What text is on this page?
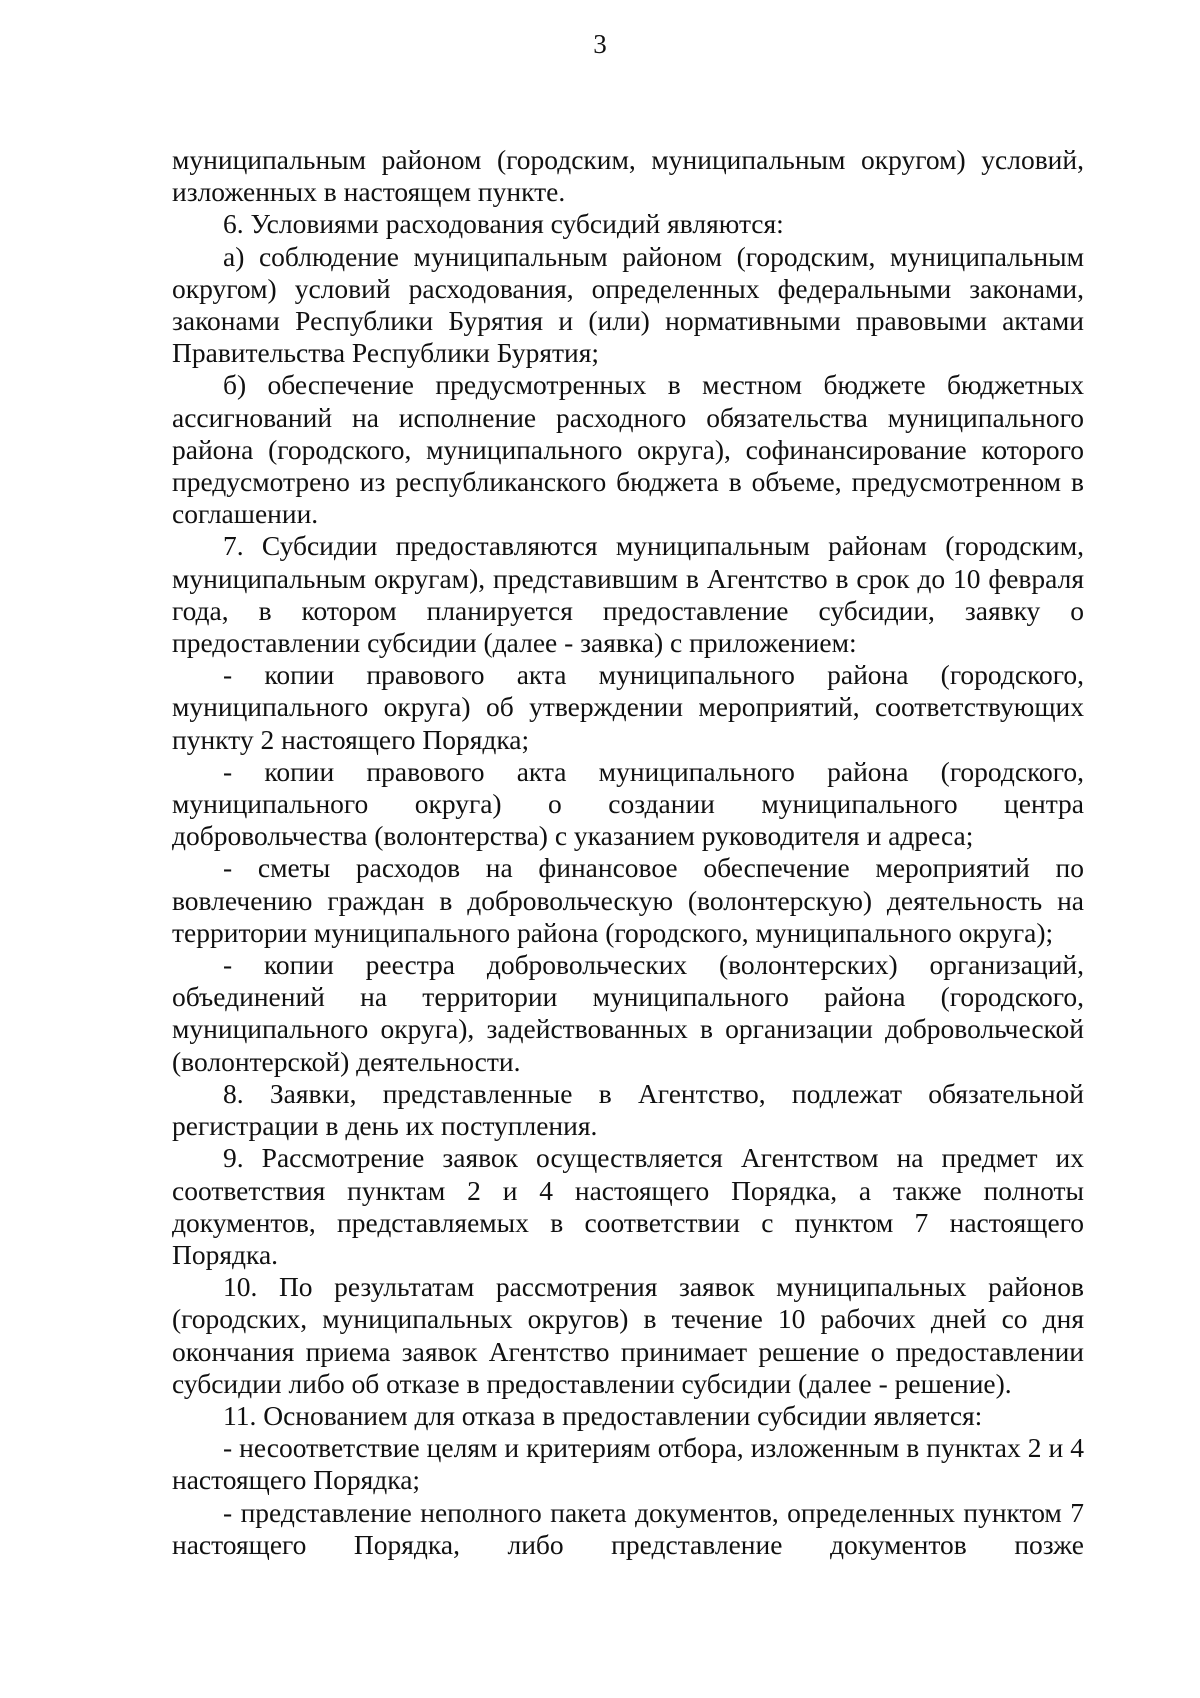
3

муниципальным районом (городским, муниципальным округом) условий, изложенных в настоящем пункте.

6. Условиями расходования субсидий являются:

а) соблюдение муниципальным районом (городским, муниципальным округом) условий расходования, определенных федеральными законами, законами Республики Бурятия и (или) нормативными правовыми актами Правительства Республики Бурятия;

б) обеспечение предусмотренных в местном бюджете бюджетных ассигнований на исполнение расходного обязательства муниципального района (городского, муниципального округа), софинансирование которого предусмотрено из республиканского бюджета в объеме, предусмотренном в соглашении.

7. Субсидии предоставляются муниципальным районам (городским, муниципальным округам), представившим в Агентство в срок до 10 февраля года, в котором планируется предоставление субсидии, заявку о предоставлении субсидии (далее - заявка) с приложением:

- копии правового акта муниципального района (городского, муниципального округа) об утверждении мероприятий, соответствующих пункту 2 настоящего Порядка;

- копии правового акта муниципального района (городского, муниципального округа) о создании муниципального центра добровольчества (волонтерства) с указанием руководителя и адреса;

- сметы расходов на финансовое обеспечение мероприятий по вовлечению граждан в добровольческую (волонтерскую) деятельность на территории муниципального района (городского, муниципального округа);

- копии реестра добровольческих (волонтерских) организаций, объединений на территории муниципального района (городского, муниципального округа), задействованных в организации добровольческой (волонтерской) деятельности.

8. Заявки, представленные в Агентство, подлежат обязательной регистрации в день их поступления.

9. Рассмотрение заявок осуществляется Агентством на предмет их соответствия пунктам 2 и 4 настоящего Порядка, а также полноты документов, представляемых в соответствии с пунктом 7 настоящего Порядка.

10. По результатам рассмотрения заявок муниципальных районов (городских, муниципальных округов) в течение 10 рабочих дней со дня окончания приема заявок Агентство принимает решение о предоставлении субсидии либо об отказе в предоставлении субсидии (далее - решение).

11. Основанием для отказа в предоставлении субсидии является:

- несоответствие целям и критериям отбора, изложенным в пунктах 2 и 4 настоящего Порядка;

- представление неполного пакета документов, определенных пунктом 7 настоящего Порядка, либо представление документов позже
